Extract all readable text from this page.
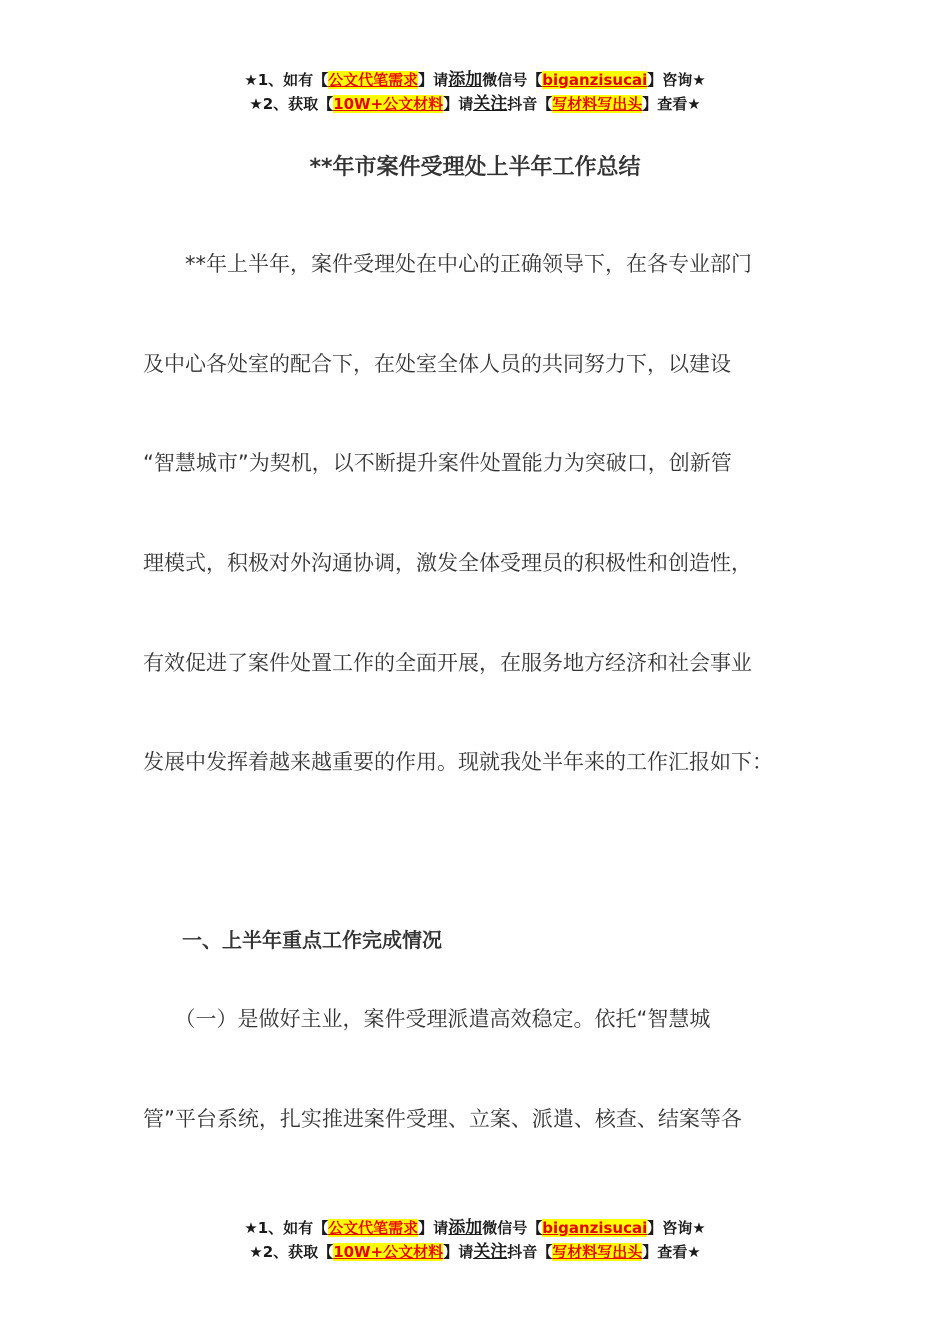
★1、如有【公文代笔需求】请添加微信号【biganzisucai】咨询★
★2、获取【10W+公文材料】请关注抖音【写材料写出头】查看★
**年市案件受理处上半年工作总结
　　**年上半年，案件受理处在中心的正确领导下，在各专业部门
及中心各处室的配合下，在处室全体人员的共同努力下，以建设
“智慧城市”为契机，以不断提升案件处置能力为突破口，创新管
理模式，积极对外沟通协调，激发全体受理员的积极性和创造性，
有效促进了案件处置工作的全面开展，在服务地方经济和社会事业
发展中发挥着越来越重要的作用。现就我处半年来的工作汇报如下：
一、上半年重点工作完成情况
　　（一）是做好主业，案件受理派遣高效稳定。依托“智慧城
管”平台系统，扎实推进案件受理、立案、派遣、核查、结案等各
★1、如有【公文代笔需求】请添加微信号【biganzisucai】咨询★
★2、获取【10W+公文材料】请关注抖音【写材料写出头】查看★
